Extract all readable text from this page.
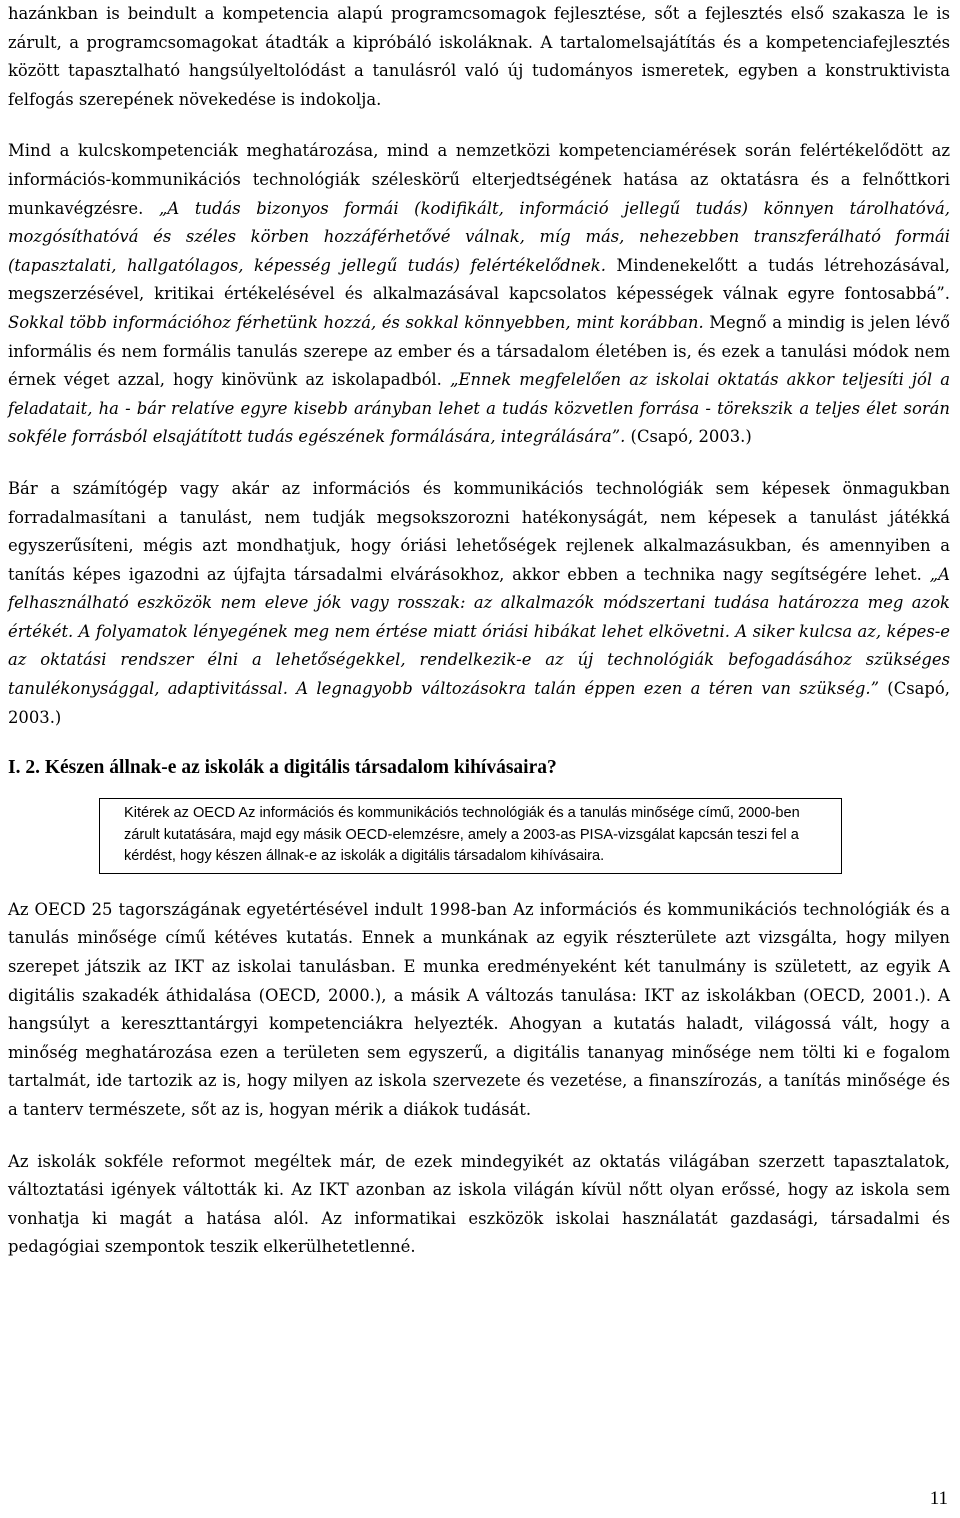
hazánkban is beindult a kompetencia alapú programcsomagok fejlesztése, sőt a fejlesztés első szakasza le is zárult, a programcsomagokat átadták a kipróbáló iskoláknak. A tartalomelsajátítás és a kompetenciafejlesztés között tapasztalható hangsúlyeltolódást a tanulásról való új tudományos ismeretek, egyben a konstruktivista felfogás szerepének növekedése is indokolja.

Mind a kulcskompetenciák meghatározása, mind a nemzetközi kompetenciamérések során felértékelődött az információs-kommunikációs technológiák széleskörű elterjedtségének hatása az oktatásra és a felnőttkori munkavégzésre. „A tudás bizonyos formái (kodifikált, információ jellegű tudás) könnyen tárolhatóvá, mozgósíthatóvá és széles körben hozzáférhetővé válnak, míg más, nehezebben transzferálható formái (tapasztalati, hallgatólagos, képesség jellegű tudás) felértékelődnek. Mindenekelőtt a tudás létrehozásával, megszerzésével, kritikai értékelésével és alkalmazásával kapcsolatos képességek válnak egyre fontosabbá”. Sokkal több információhoz férhetünk hozzá, és sokkal könnyebben, mint korábban. Megnő a mindig is jelen lévő informális és nem formális tanulás szerepe az ember és a társadalom életében is, és ezek a tanulási módok nem érnek véget azzal, hogy kinövünk az iskolapadból. „Ennek megfelelően az iskolai oktatás akkor teljesíti jól a feladatait, ha - bár relatíve egyre kisebb arányban lehet a tudás közvetlen forrása - törekszik a teljes élet során sokféle forrásból elsajátított tudás egészének formálására, integrálására”. (Csapó, 2003.)

Bár a számítógép vagy akár az információs és kommunikációs technológiák sem képesek önmagukban forradalmasítani a tanulást, nem tudják megsokszorozni hatékonyságát, nem képesek a tanulást játékká egyszerűsíteni, mégis azt mondhatjuk, hogy óriási lehetőségek rejlenek alkalmazásukban, és amennyiben a tanítás képes igazodni az újfajta társadalmi elvárásokhoz, akkor ebben a technika nagy segítségére lehet. „A felhasználható eszközök nem eleve jók vagy rosszak: az alkalmazók módszertani tudása határozza meg azok értékét. A folyamatok lényegének meg nem értése miatt óriási hibákat lehet elkövetni. A siker kulcsa az, képes-e az oktatási rendszer élni a lehetőségekkel, rendelkezik-e az új technológiák befogadásához szükséges tanulékonysággal, adaptivitással. A legnagyobb változásokra talán éppen ezen a téren van szükség.” (Csapó, 2003.)

I. 2. Készen állnak-e az iskolák a digitális társadalom kihívásaira?

Kitérek az OECD Az információs és kommunikációs technológiák és a tanulás minősége című, 2000-ben zárult kutatására, majd egy másik OECD-elemzésre, amely a 2003-as PISA-vizsgálat kapcsán teszi fel a kérdést, hogy készen állnak-e az iskolák a digitális társadalom kihívásaira.

Az OECD 25 tagországának egyetértésével indult 1998-ban Az információs és kommunikációs technológiák és a tanulás minősége című kétéves kutatás. Ennek a munkának az egyik részterülete azt vizsgálta, hogy milyen szerepet játszik az IKT az iskolai tanulásban. E munka eredményeként két tanulmány is született, az egyik A digitális szakadék áthidalása (OECD, 2000.), a másik A változás tanulása: IKT az iskolákban (OECD, 2001.). A hangsúlyt a kereszttantárgyi kompetenciákra helyezték. Ahogyan a kutatás haladt, világossá vált, hogy a minőség meghatározása ezen a területen sem egyszerű, a digitális tananyag minősége nem tölti ki e fogalom tartalmát, ide tartozik az is, hogy milyen az iskola szervezete és vezetése, a finanszírozás, a tanítás minősége és a tanterv természete, sőt az is, hogyan mérik a diákok tudását.

Az iskolák sokféle reformot megéltek már, de ezek mindegyikét az oktatás világában szerzett tapasztalatok, változtatási igények váltották ki. Az IKT azonban az iskola világán kívül nőtt olyan erőssé, hogy az iskola sem vonhatja ki magát a hatása alól. Az informatikai eszközök iskolai használatát gazdasági, társadalmi és pedagógiai szempontok teszik elkerülhetetlenné.

11
